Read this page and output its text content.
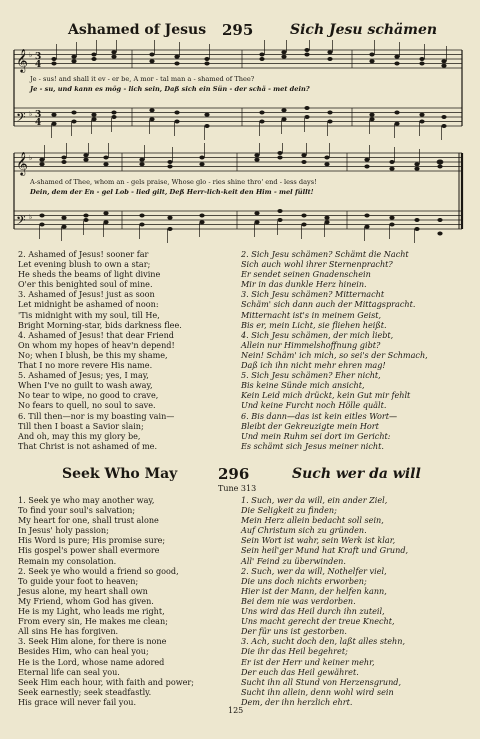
Ashamed of Jesus 295	Sich Jesu schämen
𝄞
𝄢
♭
♭
3
4
3
4
Je - sus! and shall it ev - er be, A mor - tal man a - shamed of Thee?
Je - su, und kann es mög - lich sein, Daß sich ein Sün - der schä - met dein?
𝄞
𝄢
♭
♭
A-shamed of Thee, whom an - gels praise, Whose glo - ries shine thro' end - less days!
Dein, dem der En - gel Lob - lied gilt, Deß Herr-lich-keit den Him - mel füllt!
2. Ashamed of Jesus! sooner far
Let evening blush to own a star;
He sheds the beams of light divine
O'er this benighted soul of mine.
3. Ashamed of Jesus! just as soon
Let midnight be ashamed of noon:
'Tis midnight with my soul, till He,
Bright Morning-star, bids darkness flee.
4. Ashamed of Jesus! that dear Friend
On whom my hopes of heav'n depend!
No; when I blush, be this my shame,
That I no more revere His name.
5. Ashamed of Jesus; yes, I may,
When I've no guilt to wash away,
No tear to wipe, no good to crave,
No fears to quell, no soul to save.
6. Till then—nor is my boasting vain—
Till then I boast a Savior slain;
And oh, may this my glory be,
That Christ is not ashamed of me.
2. Sich Jesu schämen? Schämt die Nacht
Sich auch wohl ihrer Sternenpracht?
Er sendet seinen Gnadenschein
Mir in das dunkle Herz hinein.
3. Sich Jesu schämen? Mitternacht
Schäm' sich dann auch der Mittagspracht.
Mitternacht ist's in meinem Geist,
Bis er, mein Licht, sie fliehen heißt.
4. Sich Jesu schämen, der mich liebt,
Allein nur Himmelshoffnung gibt?
Nein! Schäm' ich mich, so sei's der Schmach,
Daß ich ihn nicht mehr ehren mag!
5. Sich Jesu schämen? Eher nicht,
Bis keine Sünde mich ansicht,
Kein Leid mich drückt, kein Gut mir fehlt
Und keine Furcht noch Hölle quält.
6. Bis dann—das ist kein eitles Wort—
Bleibt der Gekreuzigte mein Hort
Und mein Ruhm sei dort im Gericht:
Es schämt sich Jesus meiner nicht.
Seek Who May	296	Such wer da will
Tune 313
1. Seek ye who may another way,
To find your soul's salvation;
My heart for one, shall trust alone
In Jesus' holy passion;
His Word is pure; His promise sure;
His gospel's power shall evermore
Remain my consolation.
2. Seek ye who would a friend so good,
To guide your foot to heaven;
Jesus alone, my heart shall own
My Friend, whom God has given.
He is my Light, who leads me right,
From every sin, He makes me clean;
All sins He has forgiven.
3. Seek Him alone, for there is none
Besides Him, who can heal you;
He is the Lord, whose name adored
Eternal life can seal you.
Seek Him each hour, with faith and power;
Seek earnestly; seek steadfastly.
His grace will never fail you.
1. Such, wer da will, ein ander Ziel,
Die Seligkeit zu finden;
Mein Herz allein bedacht soll sein,
Auf Christum sich zu gründen.
Sein Wort ist wahr, sein Werk ist klar,
Sein heil'ger Mund hat Kraft und Grund,
All' Feind zu überwinden.
2. Such, wer da will, Nothelfer viel,
Die uns doch nichts erworben;
Hier ist der Mann, der helfen kann,
Bei dem nie was verdorben.
Uns wird das Heil durch ihn zuteil,
Uns macht gerecht der treue Knecht,
Der für uns ist gestorben.
3. Ach, sucht doch den, laßt alles stehn,
Die ihr das Heil begehret;
Er ist der Herr und keiner mehr,
Der euch das Heil gewähret.
Sucht ihn all Stund von Herzensgrund,
Sucht ihn allein, denn wohl wird sein
Dem, der ihn herzlich ehrt.
125
